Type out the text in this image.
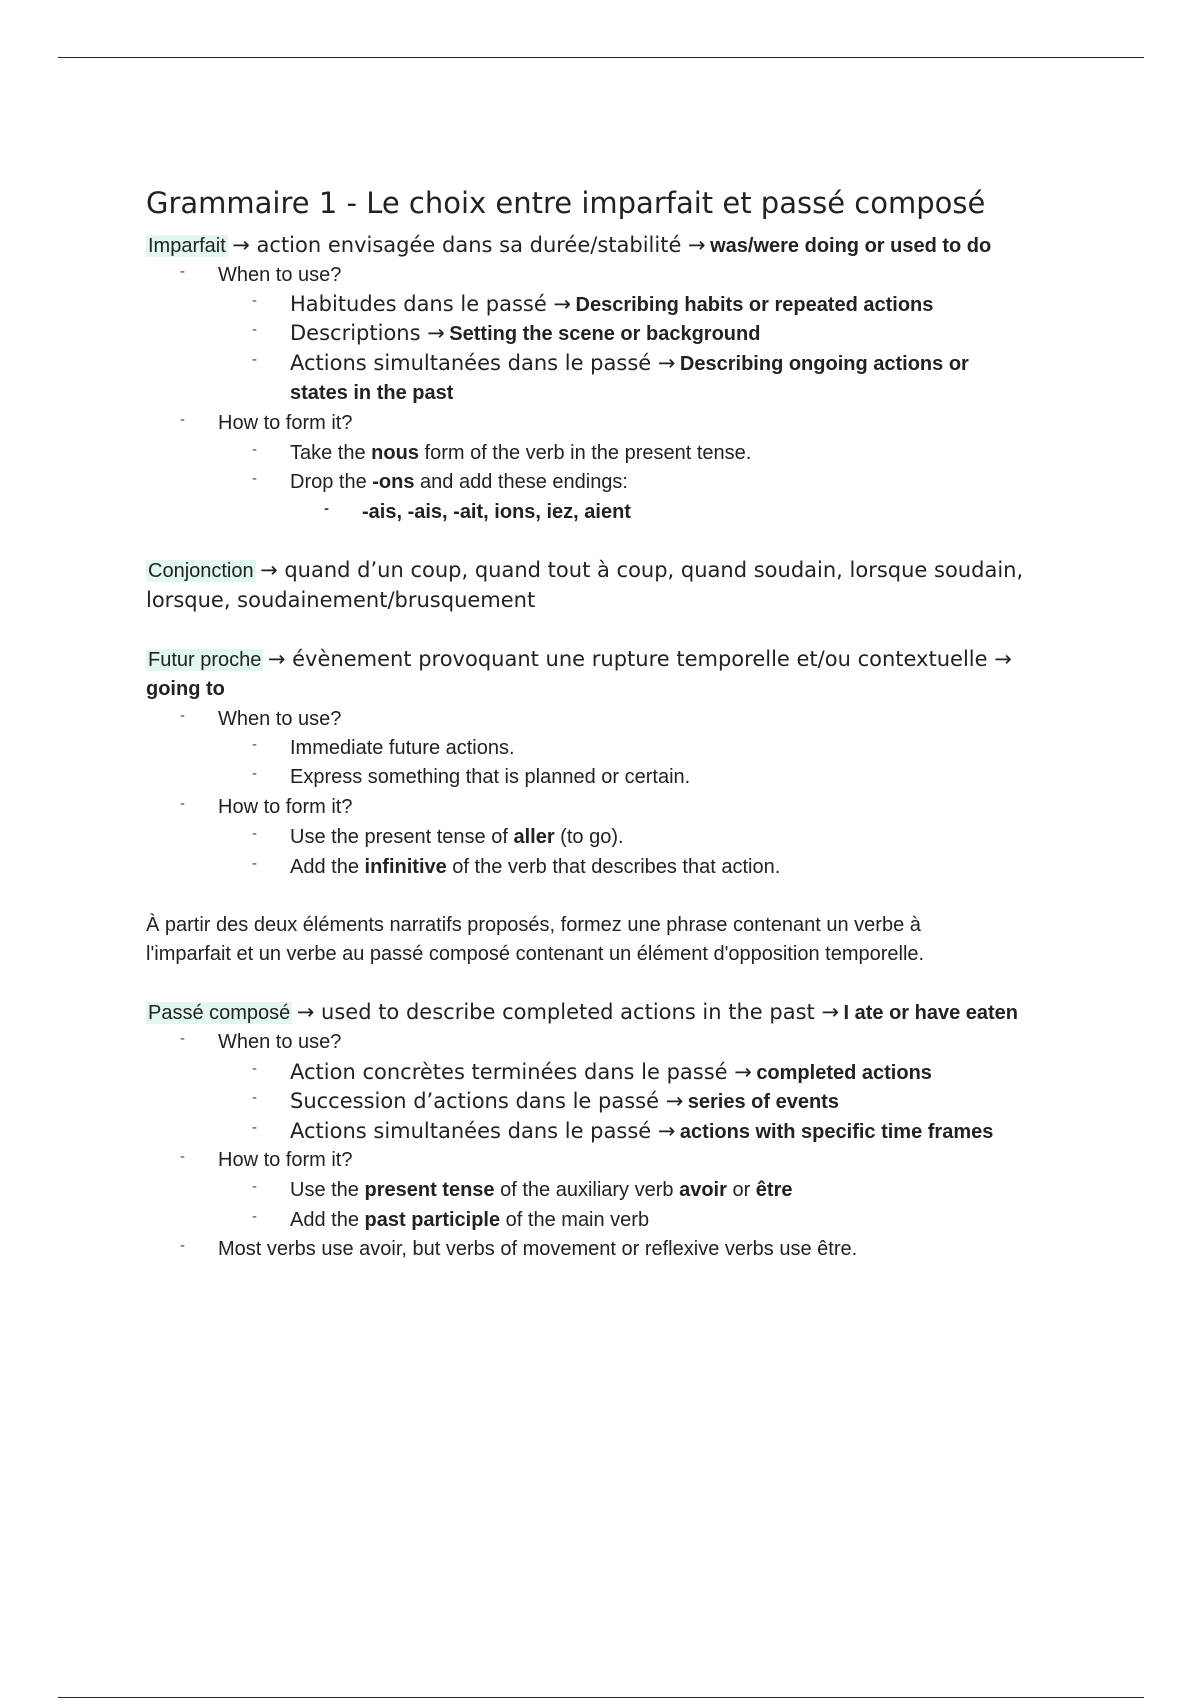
Grammaire 1 - Le choix entre imparfait et passé composé
Imparfait → action envisagée dans sa durée/stabilité → was/were doing or used to do
- When to use?
- Habitudes dans le passé → Describing habits or repeated actions
- Descriptions → Setting the scene or background
- Actions simultanées dans le passé → Describing ongoing actions or
states in the past
- How to form it?
- Take the nous form of the verb in the present tense.
- Drop the -ons and add these endings:
- -ais, -ais, -ait, ions, iez, aient
Conjonction → quand d’un coup, quand tout à coup, quand soudain, lorsque soudain,
lorsque, soudainement/brusquement
Futur proche → évènement provoquant une rupture temporelle et/ou contextuelle →
going to
- When to use?
- Immediate future actions.
- Express something that is planned or certain.
- How to form it?
- Use the present tense of aller (to go).
- Add the infinitive of the verb that describes that action.
À partir des deux éléments narratifs proposés, formez une phrase contenant un verbe à
l'imparfait et un verbe au passé composé contenant un élément d'opposition temporelle.
Passé composé → used to describe completed actions in the past → I ate or have eaten
- When to use?
- Action concrètes terminées dans le passé → completed actions
- Succession d’actions dans le passé → series of events
- Actions simultanées dans le passé → actions with specific time frames
- How to form it?
- Use the present tense of the auxiliary verb avoir or être
- Add the past participle of the main verb
- Most verbs use avoir, but verbs of movement or reflexive verbs use être.
